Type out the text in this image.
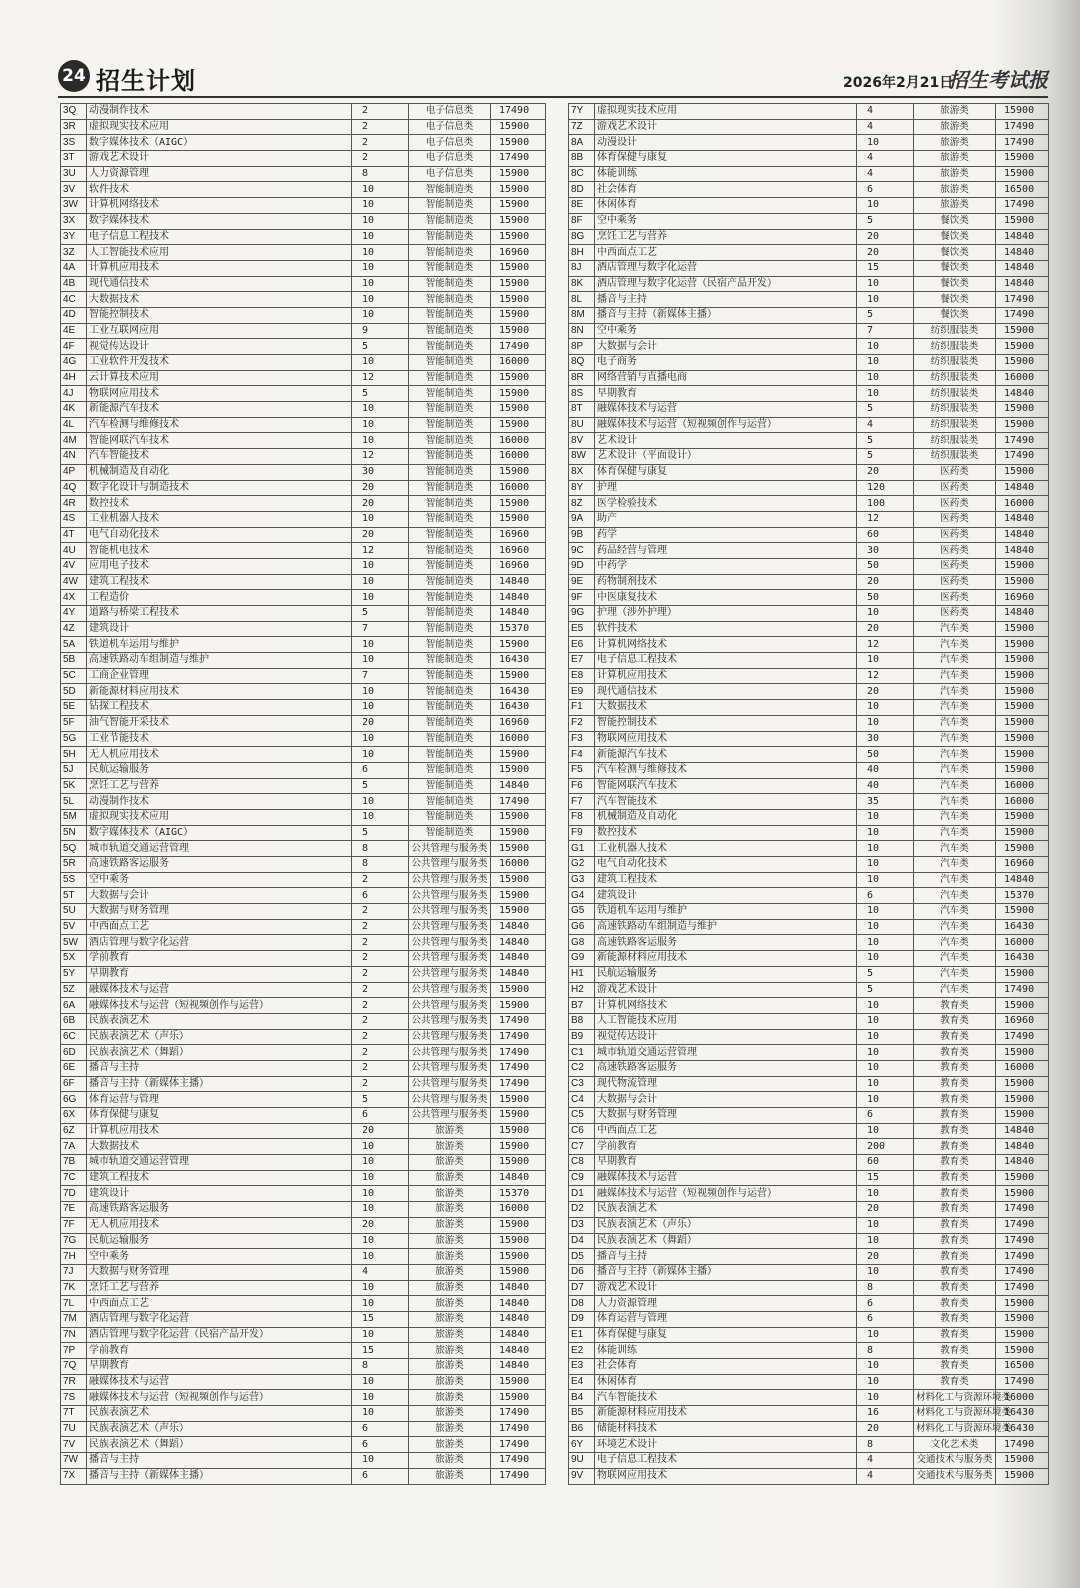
24 招生计划	2026年2月21日
招生考试报
3Q	动漫制作技术	2	电子信息类	17490
3R	虚拟现实技术应用	2	电子信息类	15900
3S	数字媒体技术（AIGC）	2	电子信息类	15900
3T	游戏艺术设计	2	电子信息类	17490
3U	人力资源管理	8	电子信息类	15900
3V	软件技术	10	智能制造类	15900
3W	计算机网络技术	10	智能制造类	15900
3X	数字媒体技术	10	智能制造类	15900
3Y	电子信息工程技术	10	智能制造类	15900
3Z	人工智能技术应用	10	智能制造类	16960
4A	计算机应用技术	10	智能制造类	15900
4B	现代通信技术	10	智能制造类	15900
4C	大数据技术	10	智能制造类	15900
4D	智能控制技术	10	智能制造类	15900
4E	工业互联网应用	9	智能制造类	15900
4F	视觉传达设计	5	智能制造类	17490
4G	工业软件开发技术	10	智能制造类	16000
4H	云计算技术应用	12	智能制造类	15900
4J	物联网应用技术	5	智能制造类	15900
4K	新能源汽车技术	10	智能制造类	15900
4L	汽车检测与维修技术	10	智能制造类	15900
4M	智能网联汽车技术	10	智能制造类	16000
4N	汽车智能技术	12	智能制造类	16000
4P	机械制造及自动化	30	智能制造类	15900
4Q	数字化设计与制造技术	20	智能制造类	16000
4R	数控技术	20	智能制造类	15900
4S	工业机器人技术	10	智能制造类	15900
4T	电气自动化技术	20	智能制造类	16960
4U	智能机电技术	12	智能制造类	16960
4V	应用电子技术	10	智能制造类	16960
4W	建筑工程技术	10	智能制造类	14840
4X	工程造价	10	智能制造类	14840
4Y	道路与桥梁工程技术	5	智能制造类	14840
4Z	建筑设计	7	智能制造类	15370
5A	铁道机车运用与维护	10	智能制造类	15900
5B	高速铁路动车组制造与维护	10	智能制造类	16430
5C	工商企业管理	7	智能制造类	15900
5D	新能源材料应用技术	10	智能制造类	16430
5E	钻探工程技术	10	智能制造类	16430
5F	油气智能开采技术	20	智能制造类	16960
5G	工业节能技术	10	智能制造类	16000
5H	无人机应用技术	10	智能制造类	15900
5J	民航运输服务	6	智能制造类	15900
5K	烹饪工艺与营养	5	智能制造类	14840
5L	动漫制作技术	10	智能制造类	17490
5M	虚拟现实技术应用	10	智能制造类	15900
5N	数字媒体技术（AIGC）	5	智能制造类	15900
5Q	城市轨道交通运营管理	8	公共管理与服务类	15900
5R	高速铁路客运服务	8	公共管理与服务类	16000
5S	空中乘务	2	公共管理与服务类	15900
5T	大数据与会计	6	公共管理与服务类	15900
5U	大数据与财务管理	2	公共管理与服务类	15900
5V	中西面点工艺	2	公共管理与服务类	14840
5W	酒店管理与数字化运营	2	公共管理与服务类	14840
5X	学前教育	2	公共管理与服务类	14840
5Y	早期教育	2	公共管理与服务类	14840
5Z	融媒体技术与运营	2	公共管理与服务类	15900
6A	融媒体技术与运营（短视频创作与运营）	2	公共管理与服务类	15900
6B	民族表演艺术	2	公共管理与服务类	17490
6C	民族表演艺术（声乐）	2	公共管理与服务类	17490
6D	民族表演艺术（舞蹈）	2	公共管理与服务类	17490
6E	播音与主持	2	公共管理与服务类	17490
6F	播音与主持（新媒体主播）	2	公共管理与服务类	17490
6G	体育运营与管理	5	公共管理与服务类	15900
6X	体育保健与康复	6	公共管理与服务类	15900
6Z	计算机应用技术	20	旅游类	15900
7A	大数据技术	10	旅游类	15900
7B	城市轨道交通运营管理	10	旅游类	15900
7C	建筑工程技术	10	旅游类	14840
7D	建筑设计	10	旅游类	15370
7E	高速铁路客运服务	10	旅游类	16000
7F	无人机应用技术	20	旅游类	15900
7G	民航运输服务	10	旅游类	15900
7H	空中乘务	10	旅游类	15900
7J	大数据与财务管理	4	旅游类	15900
7K	烹饪工艺与营养	10	旅游类	14840
7L	中西面点工艺	10	旅游类	14840
7M	酒店管理与数字化运营	15	旅游类	14840
7N	酒店管理与数字化运营（民宿产品开发）	10	旅游类	14840
7P	学前教育	15	旅游类	14840
7Q	早期教育	8	旅游类	14840
7R	融媒体技术与运营	10	旅游类	15900
7S	融媒体技术与运营（短视频创作与运营）	10	旅游类	15900
7T	民族表演艺术	10	旅游类	17490
7U	民族表演艺术（声乐）	6	旅游类	17490
7V	民族表演艺术（舞蹈）	6	旅游类	17490
7W	播音与主持	10	旅游类	17490
7X	播音与主持（新媒体主播）	6	旅游类	17490
7Y	虚拟现实技术应用	4	旅游类	15900
7Z	游戏艺术设计	4	旅游类	17490
8A	动漫设计	10	旅游类	17490
8B	体育保健与康复	4	旅游类	15900
8C	体能训练	4	旅游类	15900
8D	社会体育	6	旅游类	16500
8E	休闲体育	10	旅游类	17490
8F	空中乘务	5	餐饮类	15900
8G	烹饪工艺与营养	20	餐饮类	14840
8H	中西面点工艺	20	餐饮类	14840
8J	酒店管理与数字化运营	15	餐饮类	14840
8K	酒店管理与数字化运营（民宿产品开发）	10	餐饮类	14840
8L	播音与主持	10	餐饮类	17490
8M	播音与主持（新媒体主播）	5	餐饮类	17490
8N	空中乘务	7	纺织服装类	15900
8P	大数据与会计	10	纺织服装类	15900
8Q	电子商务	10	纺织服装类	15900
8R	网络营销与直播电商	10	纺织服装类	16000
8S	早期教育	10	纺织服装类	14840
8T	融媒体技术与运营	5	纺织服装类	15900
8U	融媒体技术与运营（短视频创作与运营）	4	纺织服装类	15900
8V	艺术设计	5	纺织服装类	17490
8W	艺术设计（平面设计）	5	纺织服装类	17490
8X	体育保健与康复	20	医药类	15900
8Y	护理	120	医药类	14840
8Z	医学检验技术	100	医药类	16000
9A	助产	12	医药类	14840
9B	药学	60	医药类	14840
9C	药品经营与管理	30	医药类	14840
9D	中药学	50	医药类	15900
9E	药物制剂技术	20	医药类	15900
9F	中医康复技术	50	医药类	16960
9G	护理（涉外护理）	10	医药类	14840
E5	软件技术	20	汽车类	15900
E6	计算机网络技术	12	汽车类	15900
E7	电子信息工程技术	10	汽车类	15900
E8	计算机应用技术	12	汽车类	15900
E9	现代通信技术	20	汽车类	15900
F1	大数据技术	10	汽车类	15900
F2	智能控制技术	10	汽车类	15900
F3	物联网应用技术	30	汽车类	15900
F4	新能源汽车技术	50	汽车类	15900
F5	汽车检测与维修技术	40	汽车类	15900
F6	智能网联汽车技术	40	汽车类	16000
F7	汽车智能技术	35	汽车类	16000
F8	机械制造及自动化	10	汽车类	15900
F9	数控技术	10	汽车类	15900
G1	工业机器人技术	10	汽车类	15900
G2	电气自动化技术	10	汽车类	16960
G3	建筑工程技术	10	汽车类	14840
G4	建筑设计	6	汽车类	15370
G5	铁道机车运用与维护	10	汽车类	15900
G6	高速铁路动车组制造与维护	10	汽车类	16430
G8	高速铁路客运服务	10	汽车类	16000
G9	新能源材料应用技术	10	汽车类	16430
H1	民航运输服务	5	汽车类	15900
H2	游戏艺术设计	5	汽车类	17490
B7	计算机网络技术	10	教育类	15900
B8	人工智能技术应用	10	教育类	16960
B9	视觉传达设计	10	教育类	17490
C1	城市轨道交通运营管理	10	教育类	15900
C2	高速铁路客运服务	10	教育类	16000
C3	现代物流管理	10	教育类	15900
C4	大数据与会计	10	教育类	15900
C5	大数据与财务管理	6	教育类	15900
C6	中西面点工艺	10	教育类	14840
C7	学前教育	200	教育类	14840
C8	早期教育	60	教育类	14840
C9	融媒体技术与运营	15	教育类	15900
D1	融媒体技术与运营（短视频创作与运营）	10	教育类	15900
D2	民族表演艺术	20	教育类	17490
D3	民族表演艺术（声乐）	10	教育类	17490
D4	民族表演艺术（舞蹈）	10	教育类	17490
D5	播音与主持	20	教育类	17490
D6	播音与主持（新媒体主播）	10	教育类	17490
D7	游戏艺术设计	8	教育类	17490
D8	人力资源管理	6	教育类	15900
D9	体育运营与管理	6	教育类	15900
E1	体育保健与康复	10	教育类	15900
E2	体能训练	8	教育类	15900
E3	社会体育	10	教育类	16500
E4	休闲体育	10	教育类	17490
B4	汽车智能技术	10	材料化工与资源环境类	16000
B5	新能源材料应用技术	16	材料化工与资源环境类	16430
B6	储能材料技术	20	材料化工与资源环境类	16430
6Y	环境艺术设计	8	文化艺术类	17490
9U	电子信息工程技术	4	交通技术与服务类	15900
9V	物联网应用技术	4	交通技术与服务类	15900
